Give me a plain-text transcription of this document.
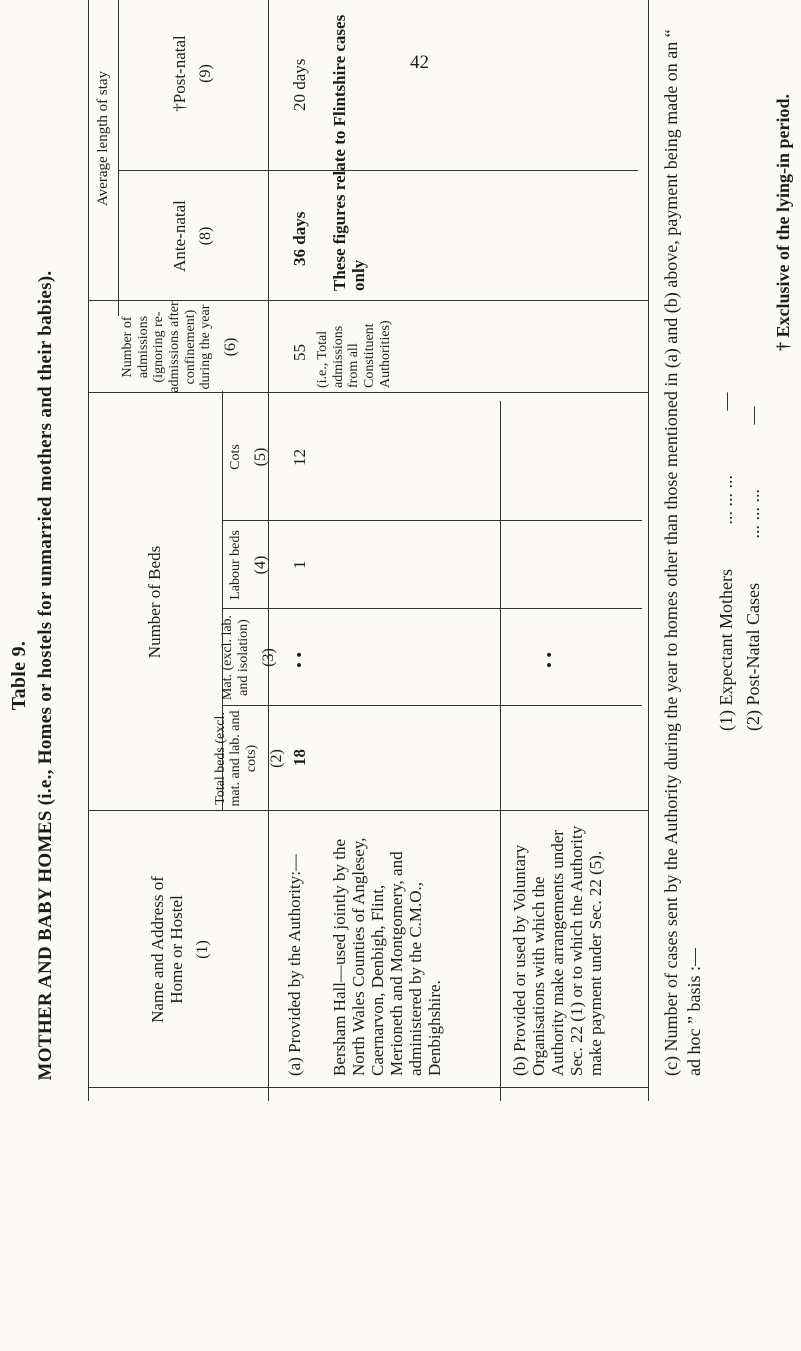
42
Table 9. MOTHER AND BABY HOMES (i.e., Homes or hostels for unmarried mothers and their babies).	Name and Address of Home or Hostel (1)
Number of Beds
Total beds (excl. mat. and lab. and cots) (2)
Mat. (excl. lab. and isolation) (3)
Labour beds (4)
Cots (5)
Number of admissions (ignoring re-admissions after confinement) during the year (6)
Average length of stay
Ante-natal (8)
†Post-natal (9)
(a) Provided by the Authority:— Bersham Hall—used jointly by the North Wales Counties of Anglesey, Caernarvon, Denbigh, Flint, Merioneth and Montgomery, and administered by the C.M.O., Denbighshire.
18
• •
1
12
55 (i.e., Total admissions from all Constituent Authorities)
36 days
20 days These figures relate to Flintshire cases only
(b) Provided or used by Voluntary Organisations with which the Authority make arrangements under Sec. 22 (1) or to which the Authority make payment under Sec. 22 (5).
• •	(c) Number of cases sent by the Authority during the year to homes other than those mentioned in (a) and (b) above, payment being made on an “ ad hoc ” basis :—
(1) Expectant Mothers ... ... ... —
(2) Post-Natal Cases ... ... ... —
† Exclusive of the lying-in period.
